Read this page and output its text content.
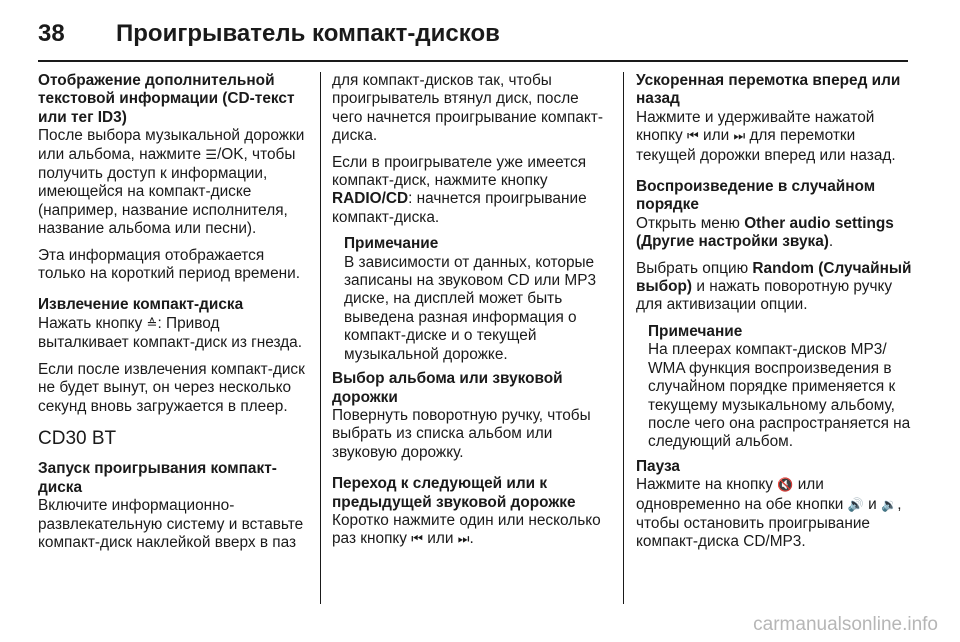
38	Проигрыватель компакт-дисков
Отображение дополнительной текстовой информации (CD-текст или тег ID3)

После выбора музыкальной дорожки или альбома, нажмите ☰/OK, чтобы получить доступ к информации, имеющейся на компакт-диске (например, название исполнителя, название альбома или песни).

Эта информация отображается только на короткий период времени.

Извлечение компакт-диска

Нажать кнопку ≙: Привод выталкивает компакт-диск из гнезда.

Если после извлечения компакт-диск не будет вынут, он через несколько секунд вновь загружается в плеер.

CD30 BT
Запуск проигрывания компакт-диска

Включите информационно-развлекательную систему и вставьте компакт-диск наклейкой вверх в паз

для компакт-дисков так, чтобы проигрыватель втянул диск, после чего начнется проигрывание компакт-диска.

Если в проигрывателе уже имеется компакт-диск, нажмите кнопку RADIO/CD: начнется проигрывание компакт-диска.

Примечание
В зависимости от данных, которые записаны на звуковом CD или MP3 диске, на дисплей может быть выведена разная информация о компакт-диске и о текущей музыкальной дорожке.
Выбор альбома или звуковой дорожки

Повернуть поворотную ручку, чтобы выбрать из списка альбом или звуковую дорожку.

Переход к следующей или к предыдущей звуковой дорожке

Коротко нажмите один или несколько раз кнопку ⏮ или ⏭.

Ускоренная перемотка вперед или назад

Нажмите и удерживайте нажатой кнопку ⏮ или ⏭ для перемотки текущей дорожки вперед или назад.

Воспроизведение в случайном порядке

Открыть меню Other audio settings (Другие настройки звука).

Выбрать опцию Random (Случайный выбор) и нажать поворотную ручку для активизации опции.

Примечание
На плеерах компакт-дисков MP3/ WMA функция воспроизведения в случайном порядке применяется к текущему музыкальному альбому, после чего она распространяется на следующий альбом.
Пауза

Нажмите на кнопку 🔇 или одновременно на обе кнопки 🔊 и 🔉, чтобы остановить проигрывание компакт-диска CD/MP3.

carmanualsonline.info
